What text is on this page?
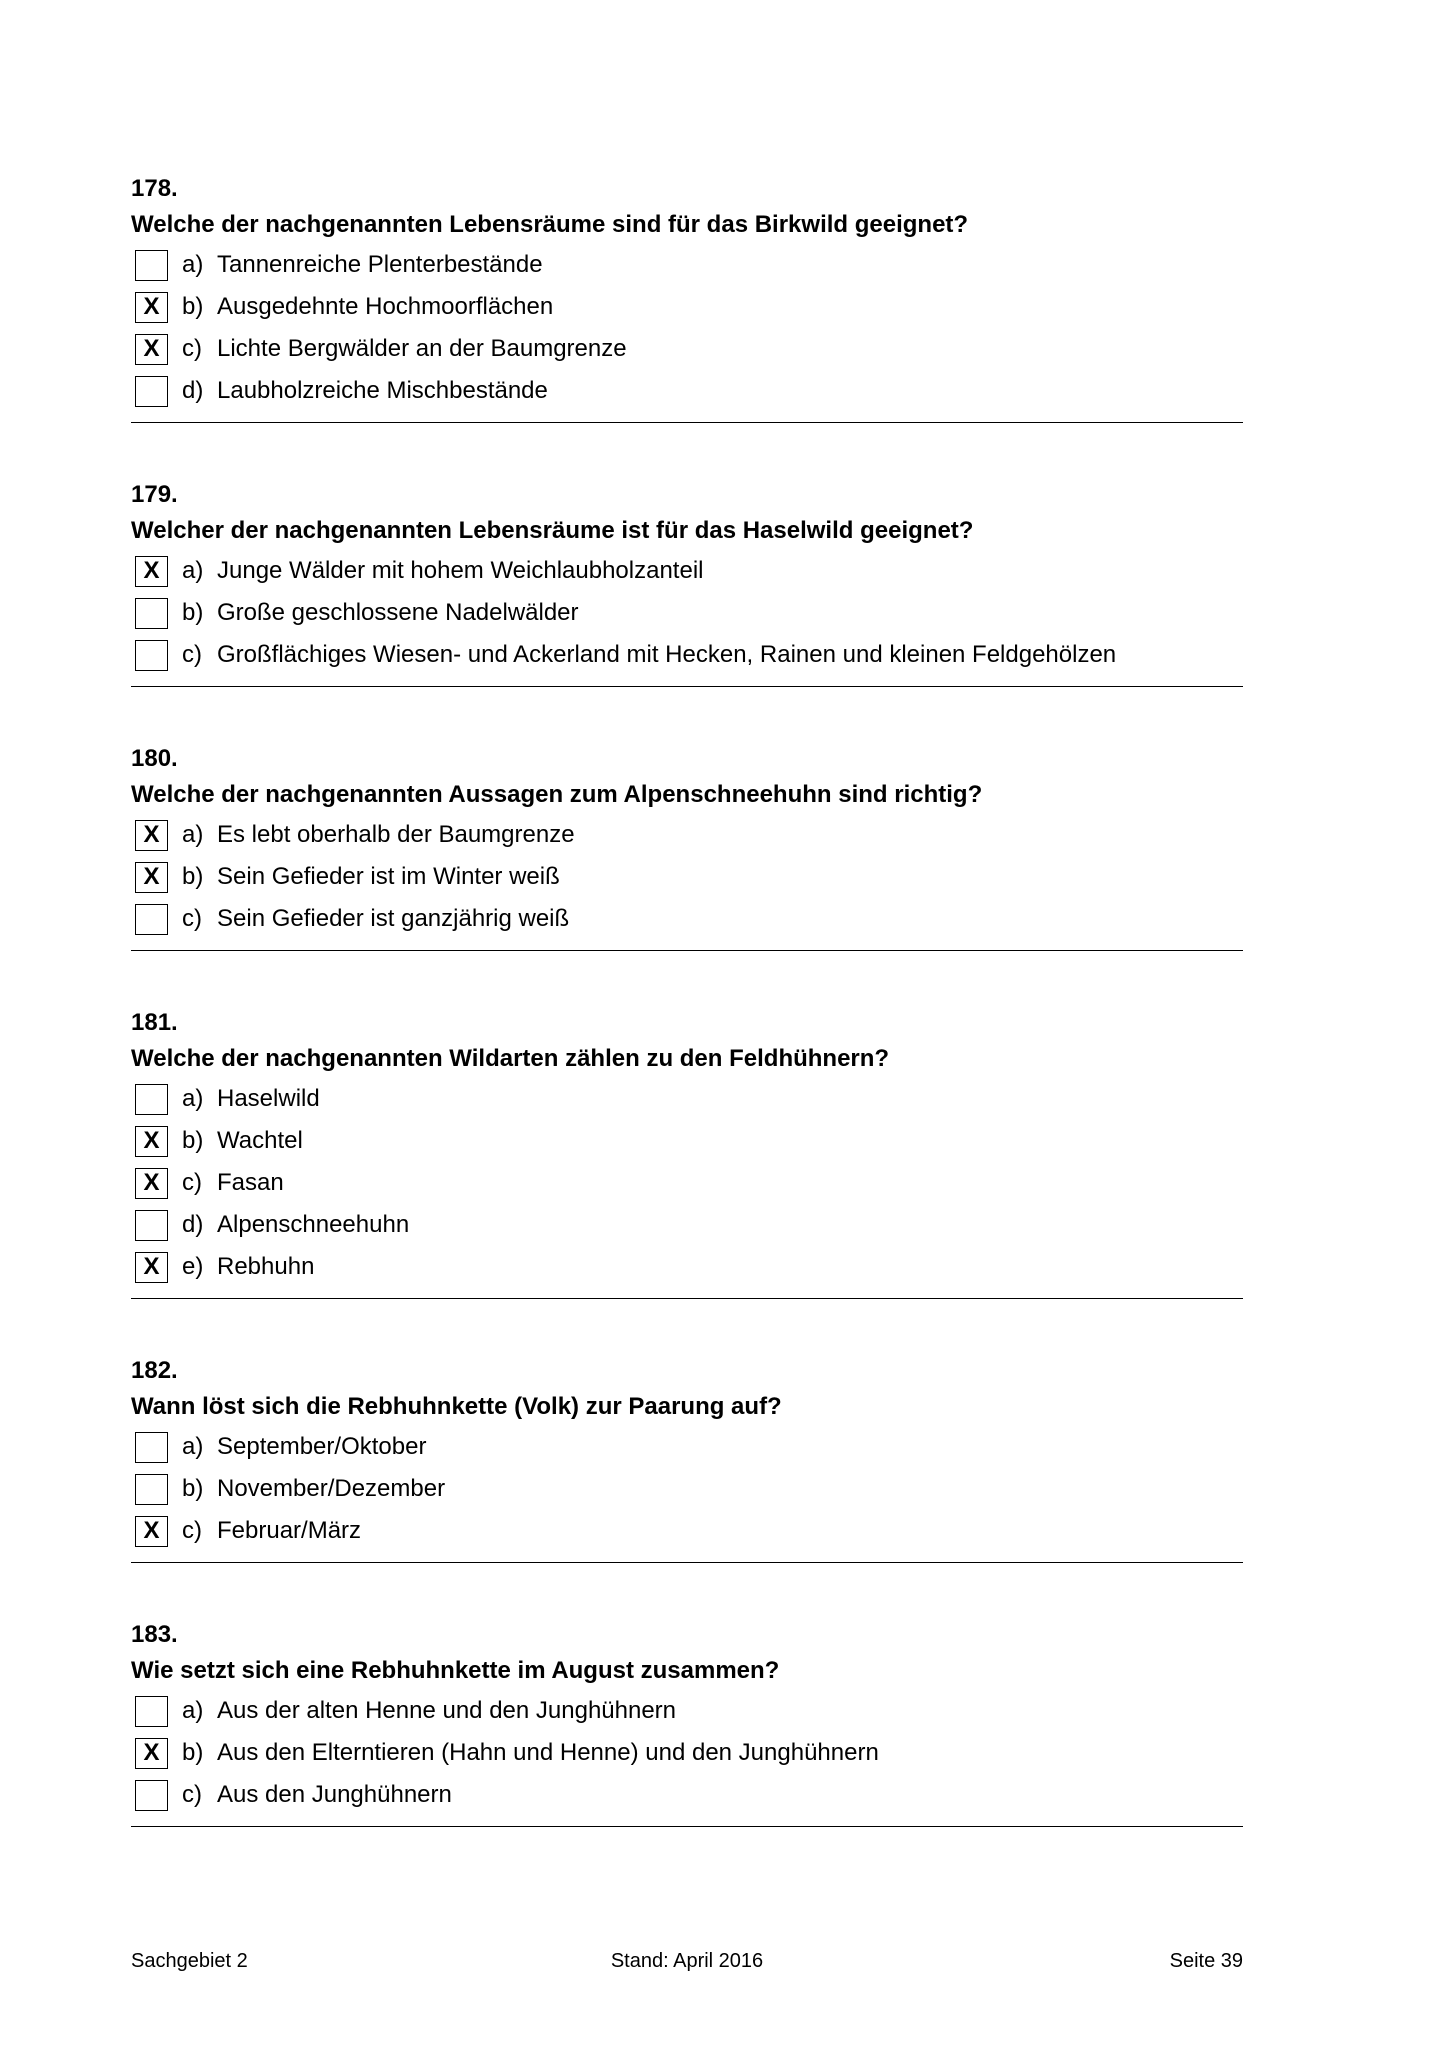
178.
Welche der nachgenannten Lebensräume sind für das Birkwild geeignet?
a) Tannenreiche Plenterbestände
X b) Ausgedehnte Hochmoorflächen
X c) Lichte Bergwälder an der Baumgrenze
d) Laubholzreiche Mischbestände
179.
Welcher der nachgenannten Lebensräume ist für das Haselwild geeignet?
X a) Junge Wälder mit hohem Weichlaubholzanteil
b) Große geschlossene Nadelwälder
c) Großflächiges Wiesen- und Ackerland mit Hecken, Rainen und kleinen Feldgehölzen
180.
Welche der nachgenannten Aussagen zum Alpenschneehuhn sind richtig?
X a) Es lebt oberhalb der Baumgrenze
X b) Sein Gefieder ist im Winter weiß
c) Sein Gefieder ist ganzjährig weiß
181.
Welche der nachgenannten Wildarten zählen zu den Feldhühnern?
a) Haselwild
X b) Wachtel
X c) Fasan
d) Alpenschneehuhn
X e) Rebhuhn
182.
Wann löst sich die Rebhuhnkette (Volk) zur Paarung auf?
a) September/Oktober
b) November/Dezember
X c) Februar/März
183.
Wie setzt sich eine Rebhuhnkette im August zusammen?
a) Aus der alten Henne und den Junghühnern
X b) Aus den Elterntieren (Hahn und Henne) und den Junghühnern
c) Aus den Junghühnern
Sachgebiet 2	Stand: April 2016	Seite 39
